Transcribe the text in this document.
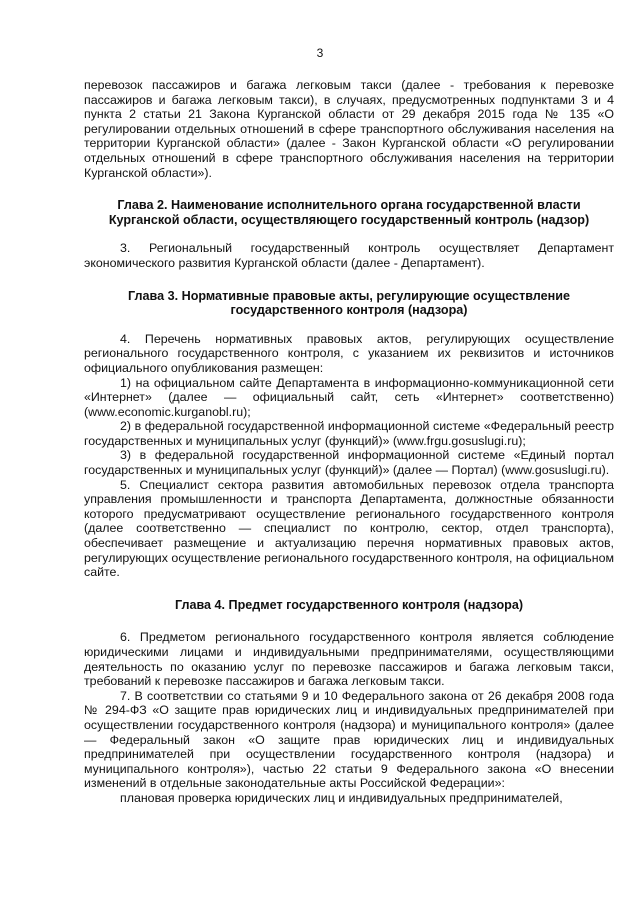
3

перевозок пассажиров и багажа легковым такси (далее - требования к перевозке пассажиров и багажа легковым такси), в случаях, предусмотренных подпунктами 3 и 4 пункта 2 статьи 21 Закона Курганской области от 29 декабря 2015 года № 135 «О регулировании отдельных отношений в сфере транспортного обслуживания населения на территории Курганской области» (далее - Закон Курганской области «О регулировании отдельных отношений в сфере транспортного обслуживания населения на территории Курганской области»).

Глава 2. Наименование исполнительного органа государственной власти Курганской области, осуществляющего государственный контроль (надзор)

3. Региональный государственный контроль осуществляет Департамент экономического развития Курганской области (далее - Департамент).

Глава 3. Нормативные правовые акты, регулирующие осуществление государственного контроля (надзора)

4. Перечень нормативных правовых актов, регулирующих осуществление регионального государственного контроля, с указанием их реквизитов и источников официального опубликования размещен:

1) на официальном сайте Департамента в информационно-коммуникационной сети «Интернет» (далее — официальный сайт, сеть «Интернет» соответственно) (www.economic.kurganobl.ru);

2) в федеральной государственной информационной системе «Федеральный реестр государственных и муниципальных услуг (функций)» (www.frgu.gosuslugi.ru);

3) в федеральной государственной информационной системе «Единый портал государственных и муниципальных услуг (функций)» (далее — Портал) (www.gosuslugi.ru).

5. Специалист сектора развития автомобильных перевозок отдела транспорта управления промышленности и транспорта Департамента, должностные обязанности которого предусматривают осуществление регионального государственного контроля (далее соответственно — специалист по контролю, сектор, отдел транспорта), обеспечивает размещение и актуализацию перечня нормативных правовых актов, регулирующих осуществление регионального государственного контроля, на официальном сайте.

Глава 4. Предмет государственного контроля (надзора)

6. Предметом регионального государственного контроля является соблюдение юридическими лицами и индивидуальными предпринимателями, осуществляющими деятельность по оказанию услуг по перевозке пассажиров и багажа легковым такси, требований к перевозке пассажиров и багажа легковым такси.

7. В соответствии со статьями 9 и 10 Федерального закона от 26 декабря 2008 года № 294-ФЗ «О защите прав юридических лиц и индивидуальных предпринимателей при осуществлении государственного контроля (надзора) и муниципального контроля» (далее — Федеральный закон «О защите прав юридических лиц и индивидуальных предпринимателей при осуществлении государственного контроля (надзора) и муниципального контроля»), частью 22 статьи 9 Федерального закона «О внесении изменений в отдельные законодательные акты Российской Федерации»:

плановая проверка юридических лиц и индивидуальных предпринимателей,
